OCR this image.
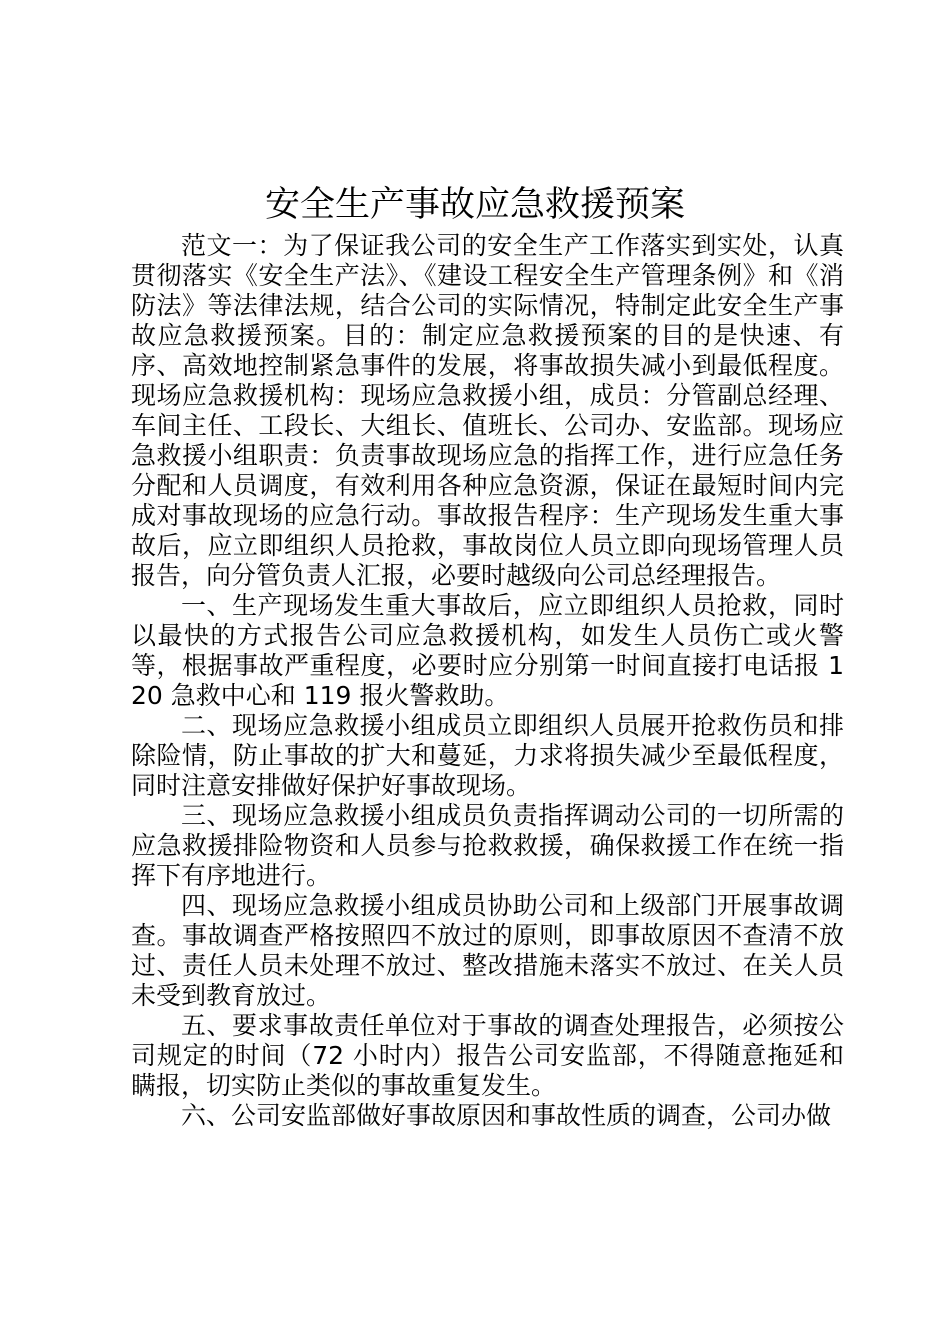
安全生产事故应急救援预案

范文一：为了保证我公司的安全生产工作落实到实处，认真贯彻落实《安全生产法》、《建设工程安全生产管理条例》和《消防法》等法律法规，结合公司的实际情况，特制定此安全生产事故应急救援预案。目的：制定应急救援预案的目的是快速、有序、高效地控制紧急事件的发展，将事故损失减小到最低程度。现场应急救援机构：现场应急救援小组，成员：分管副总经理、车间主任、工段长、大组长、值班长、公司办、安监部。现场应急救援小组职责：负责事故现场应急的指挥工作，进行应急任务分配和人员调度，有效利用各种应急资源，保证在最短时间内完成对事故现场的应急行动。事故报告程序：生产现场发生重大事故后，应立即组织人员抢救，事故岗位人员立即向现场管理人员报告，向分管负责人汇报，必要时越级向公司总经理报告。

一、生产现场发生重大事故后，应立即组织人员抢救，同时以最快的方式报告公司应急救援机构，如发生人员伤亡或火警等，根据事故严重程度，必要时应分别第一时间直接打电话报 120 急救中心和 119 报火警救助。

二、现场应急救援小组成员立即组织人员展开抢救伤员和排除险情，防止事故的扩大和蔓延，力求将损失减少至最低程度，同时注意安排做好保护好事故现场。

三、现场应急救援小组成员负责指挥调动公司的一切所需的应急救援排险物资和人员参与抢救救援，确保救援工作在统一指挥下有序地进行。

四、现场应急救援小组成员协助公司和上级部门开展事故调查。事故调查严格按照四不放过的原则，即事故原因不查清不放过、责任人员未处理不放过、整改措施未落实不放过、在关人员未受到教育放过。

五、要求事故责任单位对于事故的调查处理报告，必须按公司规定的时间（72 小时内）报告公司安监部，不得随意拖延和瞒报，切实防止类似的事故重复发生。

六、公司安监部做好事故原因和事故性质的调查，公司办做
